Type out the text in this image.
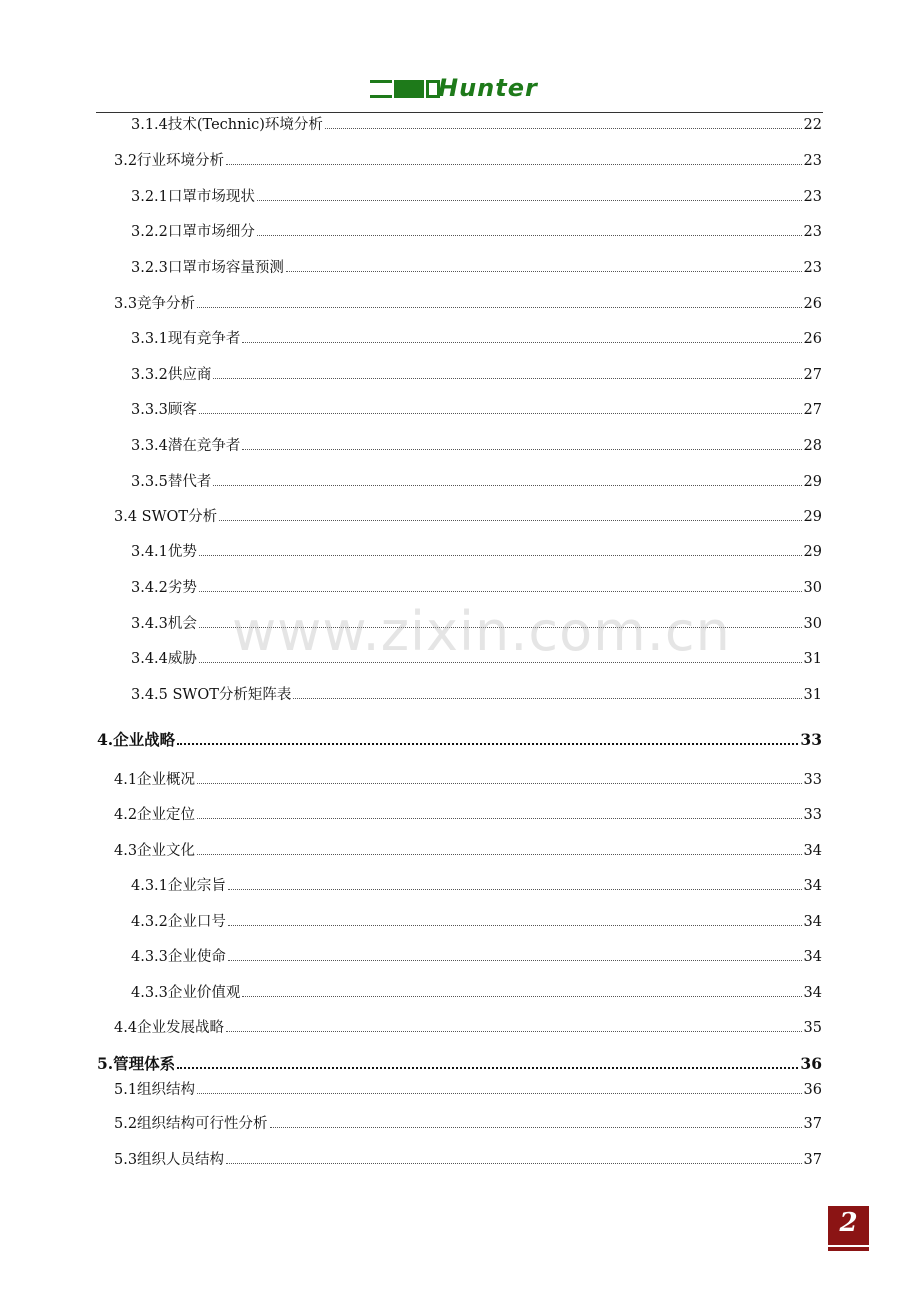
Hunter
3.1.4技术(Technic)环境分析	22
3.2行业环境分析	23
3.2.1口罩市场现状	23
3.2.2口罩市场细分	23
3.2.3口罩市场容量预测	23
3.3竞争分析	26
3.3.1现有竞争者	26
3.3.2供应商	27
3.3.3顾客	27
3.3.4潜在竞争者	28
3.3.5替代者	29
3.4 SWOT分析	29
3.4.1优势	29
3.4.2劣势	30
3.4.3机会	30
3.4.4威胁	31
3.4.5 SWOT分析矩阵表	31
4.企业战略	33
4.1企业概况	33
4.2企业定位	33
4.3企业文化	34
4.3.1企业宗旨	34
4.3.2企业口号	34
4.3.3企业使命	34
4.3.3企业价值观	34
4.4企业发展战略	35
5.管理体系	36
5.1组织结构	36
5.2组织结构可行性分析	37
5.3组织人员结构	37
www.zixin.com.cn
2
